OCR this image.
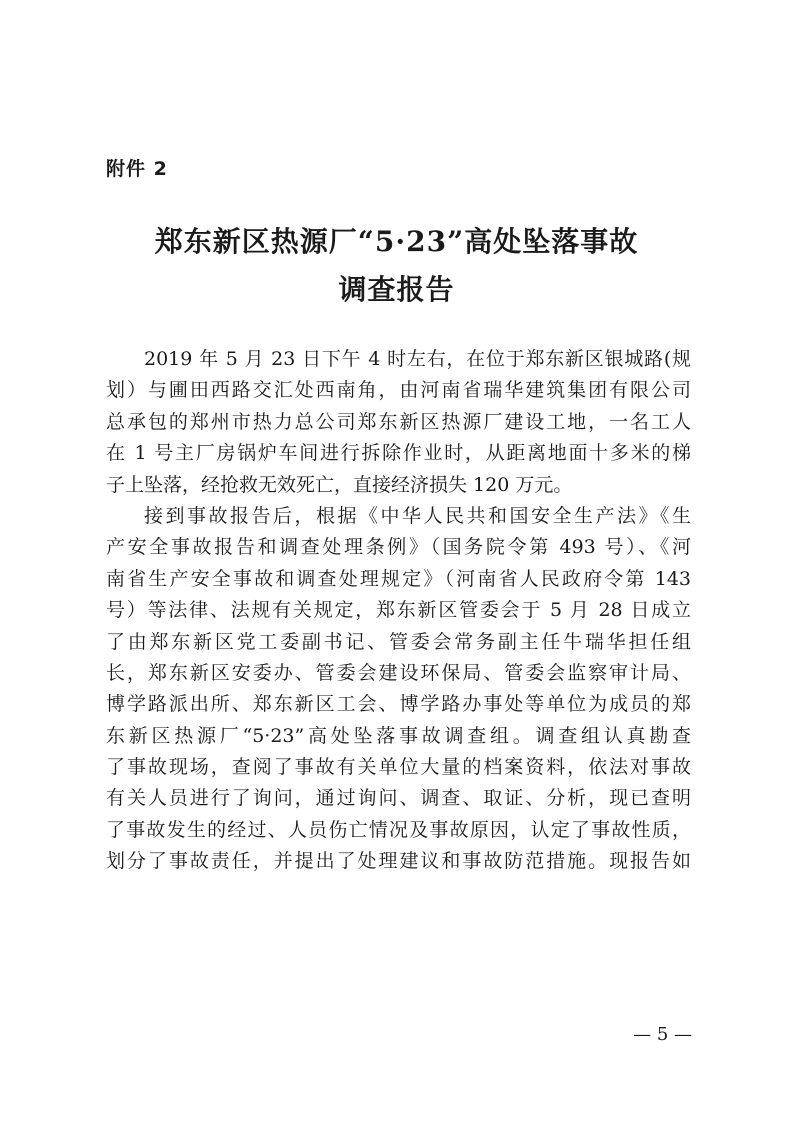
附件 2

郑东新区热源厂“5·23”高处坠落事故
调查报告

2019 年 5 月 23 日下午 4 时左右，在位于郑东新区银城路(规

划）与圃田西路交汇处西南角，由河南省瑞华建筑集团有限公司

总承包的郑州市热力总公司郑东新区热源厂建设工地，一名工人

在 1 号主厂房锅炉车间进行拆除作业时，从距离地面十多米的梯

子上坠落，经抢救无效死亡，直接经济损失 120 万元。

接到事故报告后，根据《中华人民共和国安全生产法》《生

产安全事故报告和调查处理条例》（国务院令第 493 号）、《河

南省生产安全事故和调查处理规定》（河南省人民政府令第 143

号）等法律、法规有关规定，郑东新区管委会于 5 月 28 日成立

了由郑东新区党工委副书记、管委会常务副主任牛瑞华担任组

长，郑东新区安委办、管委会建设环保局、管委会监察审计局、

博学路派出所、郑东新区工会、博学路办事处等单位为成员的郑

东新区热源厂“5·23”高处坠落事故调查组。调查组认真勘查

了事故现场，查阅了事故有关单位大量的档案资料，依法对事故

有关人员进行了询问，通过询问、调查、取证、分析，现已查明

了事故发生的经过、人员伤亡情况及事故原因，认定了事故性质，

划分了事故责任，并提出了处理建议和事故防范措施。现报告如

— 5 —
